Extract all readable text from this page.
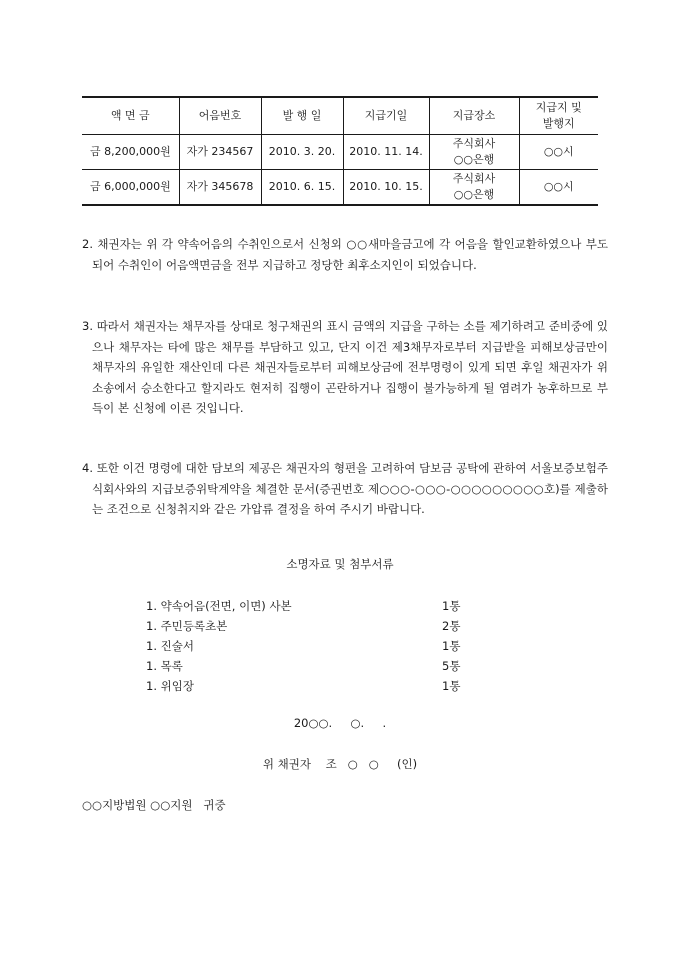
액 면 금	어음번호	발 행 일	지급기일	지급장소	지급지 및
발행지
금 8,200,000원	자가 234567	2010. 3. 20.	2010. 11. 14.	주식회사
○○은행	○○시
금 6,000,000원	자가 345678	2010. 6. 15.	2010. 10. 15.	주식회사
○○은행	○○시
2. 채권자는 위 각 약속어음의 수취인으로서 신청외 ○○새마을금고에 각 어음을 할인교환하였으나 부도되어 수취인이 어음액면금을 전부 지급하고 정당한 최후소지인이 되었습니다.
3. 따라서 채권자는 채무자를 상대로 청구채권의 표시 금액의 지급을 구하는 소를 제기하려고 준비중에 있으나 채무자는 타에 많은 채무를 부담하고 있고, 단지 이건 제3채무자로부터 지급받을 피해보상금만이 채무자의 유일한 재산인데 다른 채권자들로부터 피해보상금에 전부명령이 있게 되면 후일 채권자가 위 소송에서 승소한다고 할지라도 현저히 집행이 곤란하거나 집행이 불가능하게 될 염려가 농후하므로 부득이 본 신청에 이른 것입니다.
4. 또한 이건 명령에 대한 담보의 제공은 채권자의 형편을 고려하여 담보금 공탁에 관하여 서울보증보험주식회사와의 지급보증위탁계약을 체결한 문서(증권번호 제○○○-○○○-○○○○○○○○○호)를 제출하는 조건으로 신청취지와 같은 가압류 결정을 하여 주시기 바랍니다.
소명자료 및 첨부서류
1. 약속어음(전면, 이면) 사본	1통
1. 주민등록초본	2통
1. 진술서	1통
1. 목록	5통
1. 위임장	1통
20○○.     ○.     .
위 채권자    조   ○   ○     (인)
○○지방법원 ○○지원   귀중
